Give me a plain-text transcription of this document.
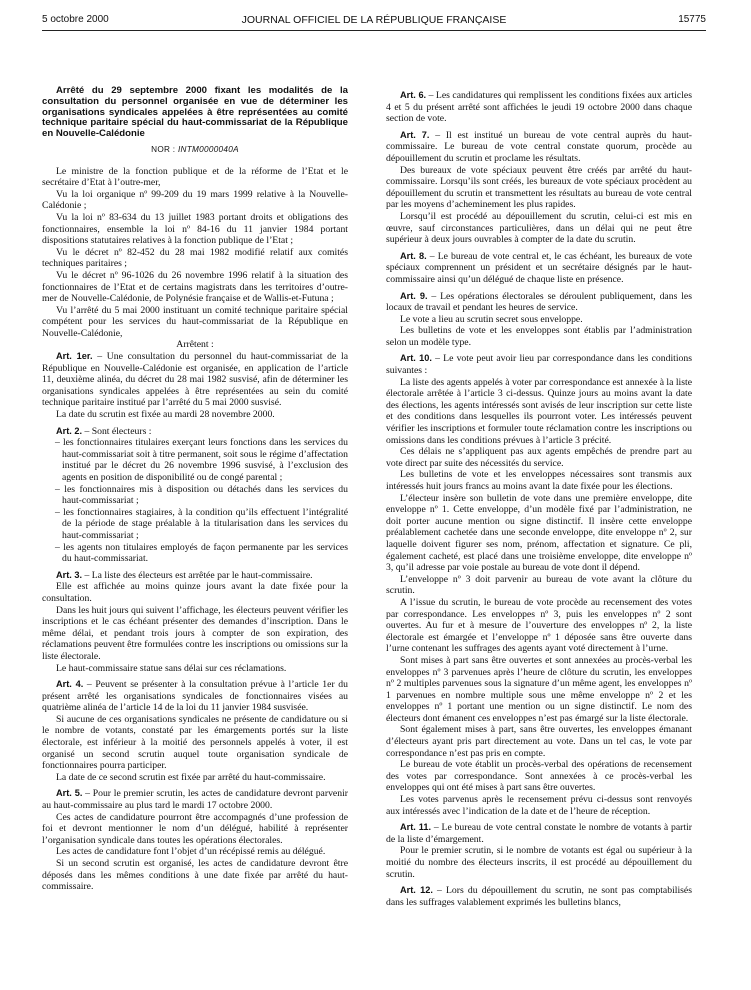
5 octobre 2000	JOURNAL OFFICIEL DE LA RÉPUBLIQUE FRANÇAISE	15775

Arrêté du 29 septembre 2000 fixant les modalités de la consultation du personnel organisée en vue de déterminer les organisations syndicales appelées à être représentées au comité technique paritaire spécial du haut-commissariat de la République en Nouvelle-Calédonie

NOR : INTM0000040A

Le ministre de la fonction publique et de la réforme de l’Etat et le secrétaire d’Etat à l’outre-mer,

Vu la loi organique nº 99-209 du 19 mars 1999 relative à la Nouvelle-Calédonie ;

Vu la loi nº 83-634 du 13 juillet 1983 portant droits et obligations des fonctionnaires, ensemble la loi nº 84-16 du 11 janvier 1984 portant dispositions statutaires relatives à la fonction publique de l’Etat ;

Vu le décret nº 82-452 du 28 mai 1982 modifié relatif aux comités techniques paritaires ;

Vu le décret nº 96-1026 du 26 novembre 1996 relatif à la situation des fonctionnaires de l’Etat et de certains magistrats dans les territoires d’outre-mer de Nouvelle-Calédonie, de Polynésie française et de Wallis-et-Futuna ;

Vu l’arrêté du 5 mai 2000 instituant un comité technique paritaire spécial compétent pour les services du haut-commissariat de la République en Nouvelle-Calédonie,

Arrêtent :

Art. 1er. – Une consultation du personnel du haut-commissariat de la République en Nouvelle-Calédonie est organisée, en application de l’article 11, deuxième alinéa, du décret du 28 mai 1982 susvisé, afin de déterminer les organisations syndicales appelées à être représentées au sein du comité technique paritaire institué par l’arrêté du 5 mai 2000 susvisé.

La date du scrutin est fixée au mardi 28 novembre 2000.

Art. 2. – Sont électeurs :

– les fonctionnaires titulaires exerçant leurs fonctions dans les services du haut-commissariat soit à titre permanent, soit sous le régime d’affectation institué par le décret du 26 novembre 1996 susvisé, à l’exclusion des agents en position de disponibilité ou de congé parental ;
– les fonctionnaires mis à disposition ou détachés dans les services du haut-commissariat ;
– les fonctionnaires stagiaires, à la condition qu’ils effectuent l’intégralité de la période de stage préalable à la titularisation dans les services du haut-commissariat ;
– les agents non titulaires employés de façon permanente par les services du haut-commissariat.

Art. 3. – La liste des électeurs est arrêtée par le haut-commissaire.

Elle est affichée au moins quinze jours avant la date fixée pour la consultation.

Dans les huit jours qui suivent l’affichage, les électeurs peuvent vérifier les inscriptions et le cas échéant présenter des demandes d’inscription. Dans le même délai, et pendant trois jours à compter de son expiration, des réclamations peuvent être formulées contre les inscriptions ou omissions sur la liste électorale.

Le haut-commissaire statue sans délai sur ces réclamations.

Art. 4. – Peuvent se présenter à la consultation prévue à l’article 1er du présent arrêté les organisations syndicales de fonctionnaires visées au quatrième alinéa de l’article 14 de la loi du 11 janvier 1984 susvisée.

Si aucune de ces organisations syndicales ne présente de candidature ou si le nombre de votants, constaté par les émargements portés sur la liste électorale, est inférieur à la moitié des personnels appelés à voter, il est organisé un second scrutin auquel toute organisation syndicale de fonctionnaires pourra participer.

La date de ce second scrutin est fixée par arrêté du haut-commissaire.

Art. 5. – Pour le premier scrutin, les actes de candidature devront parvenir au haut-commissaire au plus tard le mardi 17 octobre 2000.

Ces actes de candidature pourront être accompagnés d’une profession de foi et devront mentionner le nom d’un délégué, habilité à représenter l’organisation syndicale dans toutes les opérations électorales.

Les actes de candidature font l’objet d’un récépissé remis au délégué.

Si un second scrutin est organisé, les actes de candidature devront être déposés dans les mêmes conditions à une date fixée par arrêté du haut-commissaire.

Art. 6. – Les candidatures qui remplissent les conditions fixées aux articles 4 et 5 du présent arrêté sont affichées le jeudi 19 octobre 2000 dans chaque section de vote.

Art. 7. – Il est institué un bureau de vote central auprès du haut-commissaire. Le bureau de vote central constate quorum, procède au dépouillement du scrutin et proclame les résultats.

Des bureaux de vote spéciaux peuvent être créés par arrêté du haut-commissaire. Lorsqu’ils sont créés, les bureaux de vote spéciaux procèdent au dépouillement du scrutin et transmettent les résultats au bureau de vote central par les moyens d’acheminement les plus rapides.

Lorsqu’il est procédé au dépouillement du scrutin, celui-ci est mis en œuvre, sauf circonstances particulières, dans un délai qui ne peut être supérieur à deux jours ouvrables à compter de la date du scrutin.

Art. 8. – Le bureau de vote central et, le cas échéant, les bureaux de vote spéciaux comprennent un président et un secrétaire désignés par le haut-commissaire ainsi qu’un délégué de chaque liste en présence.

Art. 9. – Les opérations électorales se déroulent publiquement, dans les locaux de travail et pendant les heures de service.

Le vote a lieu au scrutin secret sous enveloppe.

Les bulletins de vote et les enveloppes sont établis par l’administration selon un modèle type.

Art. 10. – Le vote peut avoir lieu par correspondance dans les conditions suivantes :

La liste des agents appelés à voter par correspondance est annexée à la liste électorale arrêtée à l’article 3 ci-dessus. Quinze jours au moins avant la date des élections, les agents intéressés sont avisés de leur inscription sur cette liste et des conditions dans lesquelles ils pourront voter. Les intéressés peuvent vérifier les inscriptions et formuler toute réclamation contre les inscriptions ou omissions dans les conditions prévues à l’article 3 précité.

Ces délais ne s’appliquent pas aux agents empêchés de prendre part au vote direct par suite des nécessités du service.

Les bulletins de vote et les enveloppes nécessaires sont transmis aux intéressés huit jours francs au moins avant la date fixée pour les élections.

L’électeur insère son bulletin de vote dans une première enveloppe, dite enveloppe nº 1. Cette enveloppe, d’un modèle fixé par l’administration, ne doit porter aucune mention ou signe distinctif. Il insère cette enveloppe préalablement cachetée dans une seconde enveloppe, dite enveloppe nº 2, sur laquelle doivent figurer ses nom, prénom, affectation et signature. Ce pli, également cacheté, est placé dans une troisième enveloppe, dite enveloppe nº 3, qu’il adresse par voie postale au bureau de vote dont il dépend.

L’enveloppe nº 3 doit parvenir au bureau de vote avant la clôture du scrutin.

A l’issue du scrutin, le bureau de vote procède au recensement des votes par correspondance. Les enveloppes nº 3, puis les enveloppes nº 2 sont ouvertes. Au fur et à mesure de l’ouverture des enveloppes nº 2, la liste électorale est émargée et l’enveloppe nº 1 déposée sans être ouverte dans l’urne contenant les suffrages des agents ayant voté directement à l’urne.

Sont mises à part sans être ouvertes et sont annexées au procès-verbal les enveloppes nº 3 parvenues après l’heure de clôture du scrutin, les enveloppes nº 2 multiples parvenues sous la signature d’un même agent, les enveloppes nº 1 parvenues en nombre multiple sous une même enveloppe nº 2 et les enveloppes nº 1 portant une mention ou un signe distinctif. Le nom des électeurs dont émanent ces enveloppes n’est pas émargé sur la liste électorale.

Sont également mises à part, sans être ouvertes, les enveloppes émanant d’électeurs ayant pris part directement au vote. Dans un tel cas, le vote par correspondance n’est pas pris en compte.

Le bureau de vote établit un procès-verbal des opérations de recensement des votes par correspondance. Sont annexées à ce procès-verbal les enveloppes qui ont été mises à part sans être ouvertes.

Les votes parvenus après le recensement prévu ci-dessus sont renvoyés aux intéressés avec l’indication de la date et de l’heure de réception.

Art. 11. – Le bureau de vote central constate le nombre de votants à partir de la liste d’émargement.

Pour le premier scrutin, si le nombre de votants est égal ou supérieur à la moitié du nombre des électeurs inscrits, il est procédé au dépouillement du scrutin.

Art. 12. – Lors du dépouillement du scrutin, ne sont pas comptabilisés dans les suffrages valablement exprimés les bulletins blancs,
